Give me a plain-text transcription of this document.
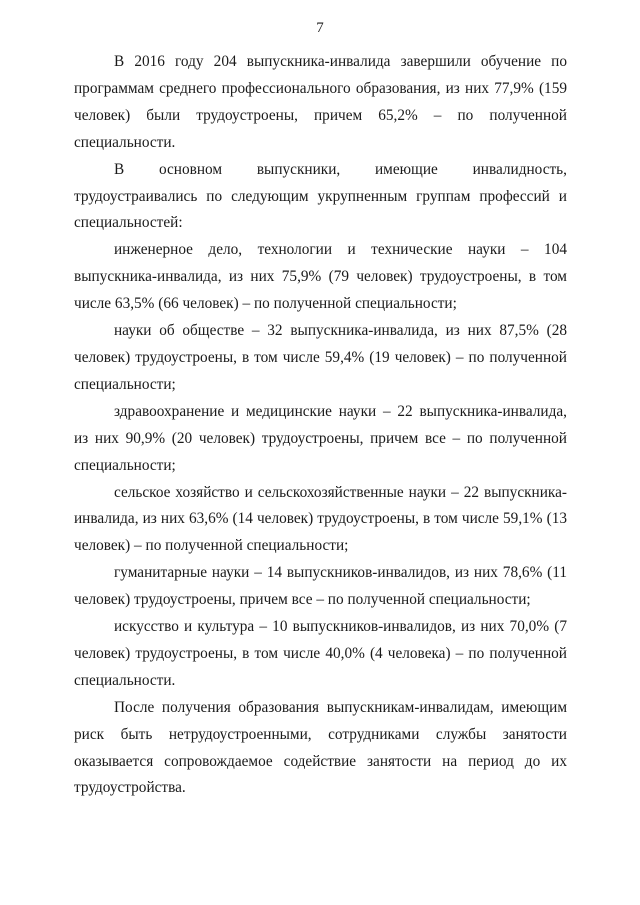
7

В 2016 году 204 выпускника-инвалида завершили обучение по программам среднего профессионального образования, из них 77,9% (159 человек) были трудоустроены, причем 65,2% – по полученной специальности.

В основном выпускники, имеющие инвалидность, трудоустраивались по следующим укрупненным группам профессий и специальностей:

инженерное дело, технологии и технические науки – 104 выпускника-инвалида, из них 75,9% (79 человек) трудоустроены, в том числе 63,5% (66 человек) – по полученной специальности;

науки об обществе – 32 выпускника-инвалида, из них 87,5% (28 человек) трудоустроены, в том числе 59,4% (19 человек) – по полученной специальности;

здравоохранение и медицинские науки – 22 выпускника-инвалида, из них 90,9% (20 человек) трудоустроены, причем все – по полученной специальности;

сельское хозяйство и сельскохозяйственные науки – 22 выпускника-инвалида, из них 63,6% (14 человек) трудоустроены, в том числе 59,1% (13 человек) – по полученной специальности;

гуманитарные науки – 14 выпускников-инвалидов, из них 78,6% (11 человек) трудоустроены, причем все – по полученной специальности;

искусство и культура – 10 выпускников-инвалидов, из них 70,0% (7 человек) трудоустроены, в том числе 40,0% (4 человека) – по полученной специальности.

После получения образования выпускникам-инвалидам, имеющим риск быть нетрудоустроенными, сотрудниками службы занятости оказывается сопровождаемое содействие занятости на период до их трудоустройства.
